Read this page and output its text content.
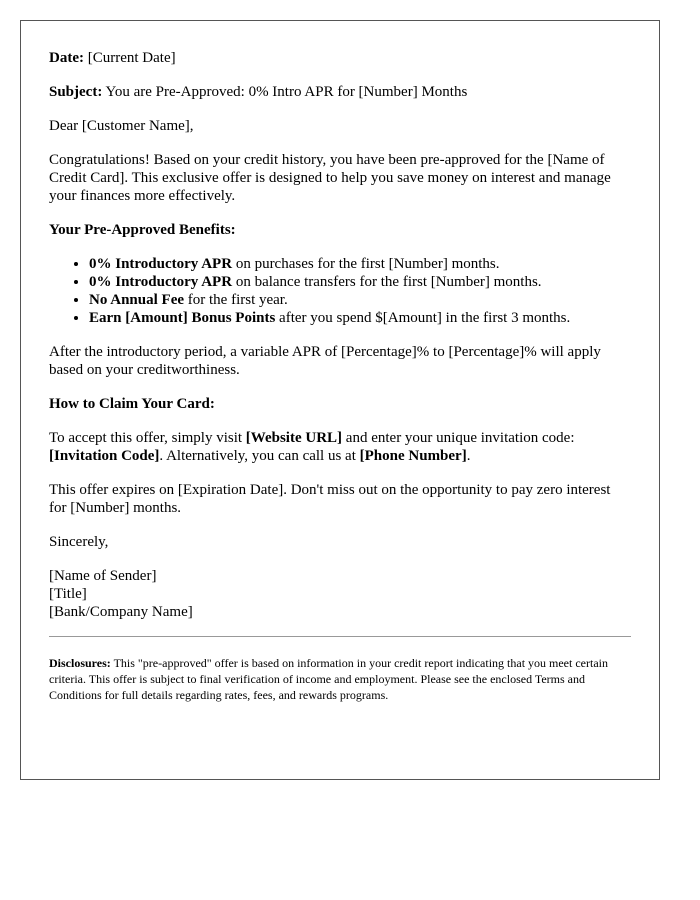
Date: [Current Date]

Subject: You are Pre-Approved: 0% Intro APR for [Number] Months

Dear [Customer Name],

Congratulations! Based on your credit history, you have been pre-approved for the [Name of Credit Card]. This exclusive offer is designed to help you save money on interest and manage your finances more effectively.

Your Pre-Approved Benefits:

• 0% Introductory APR on purchases for the first [Number] months.
• 0% Introductory APR on balance transfers for the first [Number] months.
• No Annual Fee for the first year.
• Earn [Amount] Bonus Points after you spend $[Amount] in the first 3 months.

After the introductory period, a variable APR of [Percentage]% to [Percentage]% will apply based on your creditworthiness.

How to Claim Your Card:

To accept this offer, simply visit [Website URL] and enter your unique invitation code: [Invitation Code]. Alternatively, you can call us at [Phone Number].

This offer expires on [Expiration Date]. Don't miss out on the opportunity to pay zero interest for [Number] months.

Sincerely,

[Name of Sender]
[Title]
[Bank/Company Name]

Disclosures: This "pre-approved" offer is based on information in your credit report indicating that you meet certain criteria. This offer is subject to final verification of income and employment. Please see the enclosed Terms and Conditions for full details regarding rates, fees, and rewards programs.
